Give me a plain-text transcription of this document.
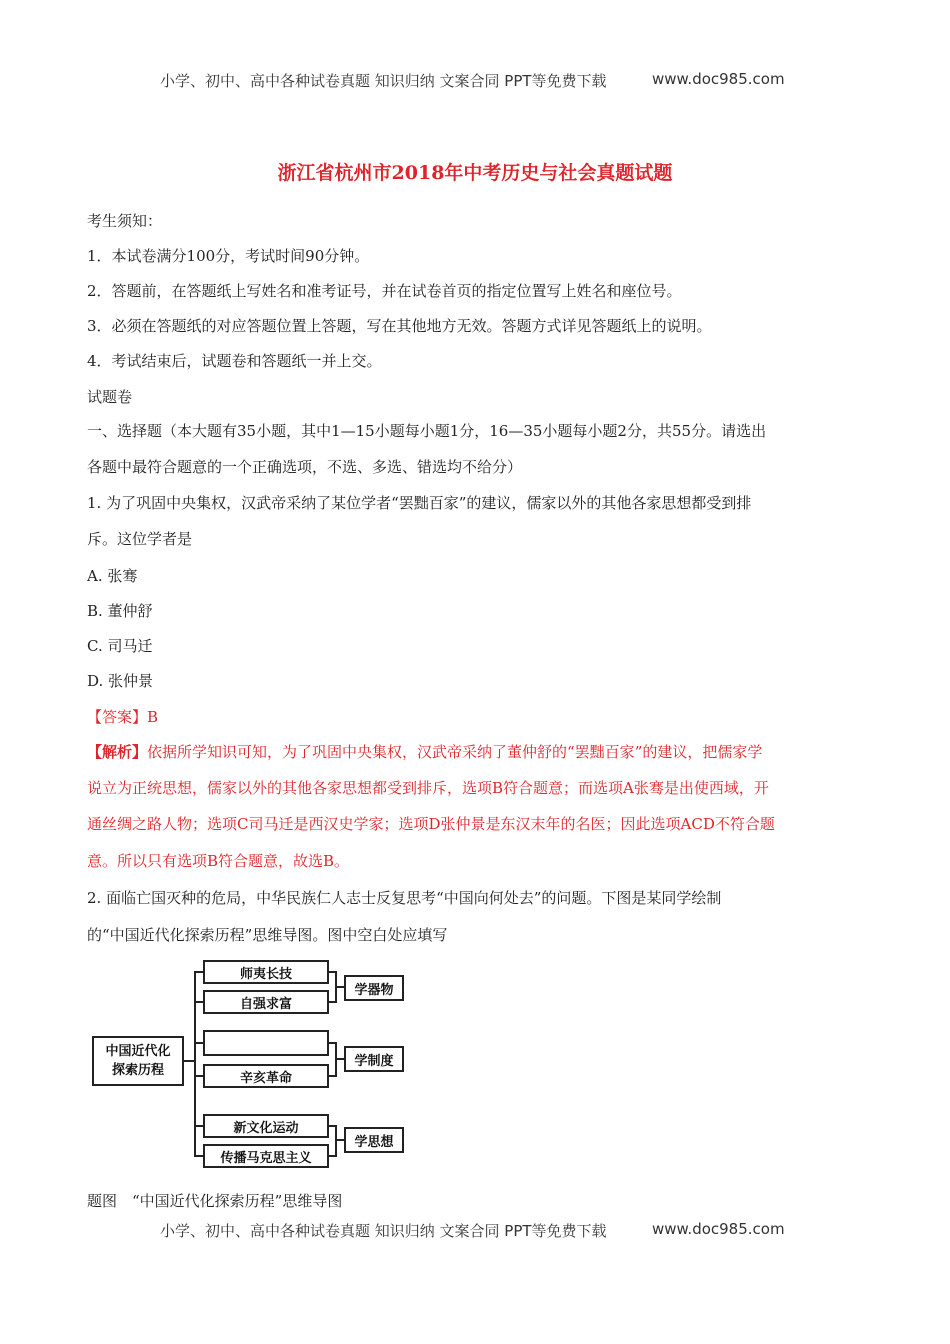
小学、初中、高中各种试卷真题 知识归纳 文案合同 PPT等免费下载	www.doc985.com
浙江省杭州市2018年中考历史与社会真题试题
考生须知：
1．本试卷满分100分，考试时间90分钟。
2．答题前，在答题纸上写姓名和准考证号，并在试卷首页的指定位置写上姓名和座位号。
3．必须在答题纸的对应答题位置上答题，写在其他地方无效。答题方式详见答题纸上的说明。
4．考试结束后，试题卷和答题纸一并上交。
试题卷
一、选择题（本大题有35小题，其中1—15小题每小题1分，16—35小题每小题2分，共55分。请选出
各题中最符合题意的一个正确选项，不选、多选、错选均不给分）
1. 为了巩固中央集权，汉武帝采纳了某位学者“罢黜百家”的建议，儒家以外的其他各家思想都受到排
斥。这位学者是
A. 张骞
B. 董仲舒
C. 司马迁
D. 张仲景
【答案】B
【解析】依据所学知识可知，为了巩固中央集权，汉武帝采纳了董仲舒的“罢黜百家”的建议，把儒家学
说立为正统思想，儒家以外的其他各家思想都受到排斥，选项B符合题意；而选项A张骞是出使西域，开
通丝绸之路人物；选项C司马迁是西汉史学家；选项D张仲景是东汉末年的名医；因此选项ACD不符合题
意。所以只有选项B符合题意，故选B。
2. 面临亡国灭种的危局，中华民族仁人志士反复思考“中国向何处去”的问题。下图是某同学绘制
的“中国近代化探索历程”思维导图。图中空白处应填写
中国近代化
探索历程
师夷长技
自强求富
辛亥革命
新文化运动
传播马克思主义
学器物
学制度
学思想
题图　“中国近代化探索历程”思维导图
小学、初中、高中各种试卷真题 知识归纳 文案合同 PPT等免费下载	www.doc985.com
